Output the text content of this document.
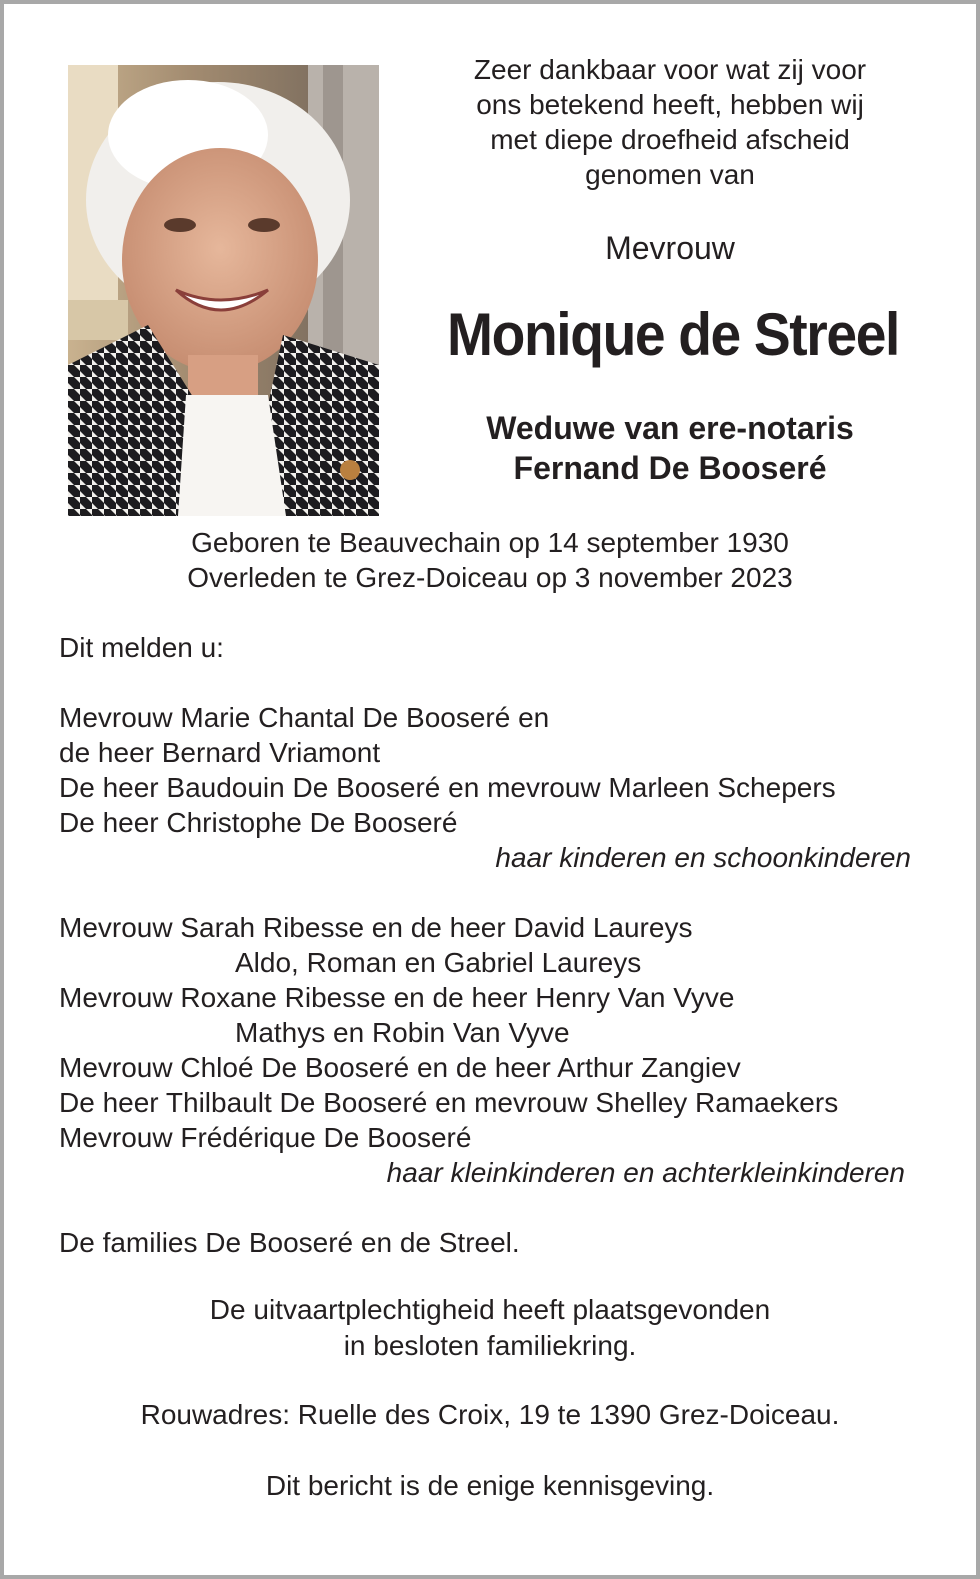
Zeer dankbaar voor wat zij voor
ons betekend heeft, hebben wij
met diepe droefheid afscheid
genomen van
Mevrouw
Monique de Streel
Weduwe van ere-notaris
Fernand De Booseré
Geboren te Beauvechain op 14 september 1930
Overleden te Grez-Doiceau op 3 november 2023
Dit melden u:
Mevrouw Marie Chantal De Booseré en
de heer Bernard Vriamont
De heer Baudouin De Booseré en mevrouw Marleen Schepers
De heer Christophe De Booseré
haar kinderen en schoonkinderen
Mevrouw Sarah Ribesse en de heer David Laureys
Aldo, Roman en Gabriel Laureys
Mevrouw Roxane Ribesse en de heer Henry Van Vyve
Mathys en Robin Van Vyve
Mevrouw Chloé De Booseré en de heer Arthur Zangiev
De heer Thilbault De Booseré en mevrouw Shelley Ramaekers
Mevrouw Frédérique De Booseré
haar kleinkinderen en achterkleinkinderen
De families De Booseré en de Streel.
De uitvaartplechtigheid heeft plaatsgevonden
in besloten familiekring.
Rouwadres: Ruelle des Croix, 19 te 1390 Grez-Doiceau.
Dit bericht is de enige kennisgeving.
